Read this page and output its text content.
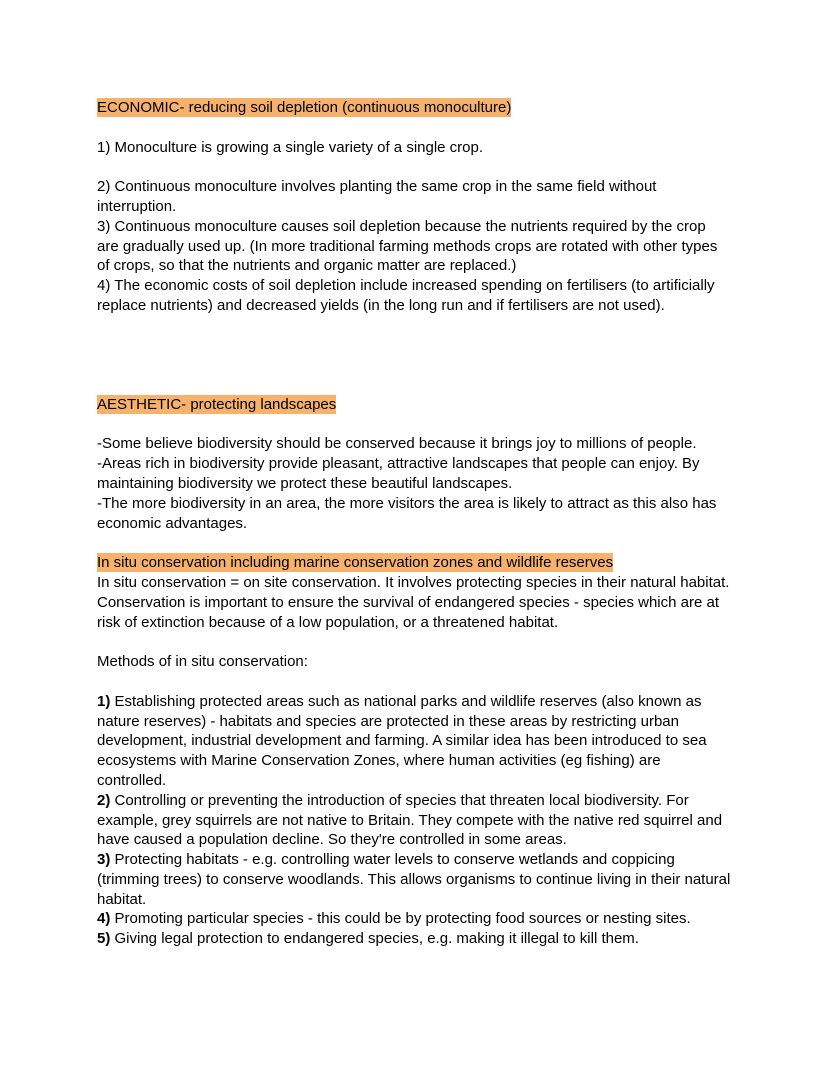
ECONOMIC- reducing soil depletion (continuous monoculture)

1) Monoculture is growing a single variety of a single crop.

2) Continuous monoculture involves planting the same crop in the same field without interruption.

3) Continuous monoculture causes soil depletion because the nutrients required by the crop are gradually used up. (In more traditional farming methods crops are rotated with other types of crops, so that the nutrients and organic matter are replaced.)

4) The economic costs of soil depletion include increased spending on fertilisers (to artificially replace nutrients) and decreased yields (in the long run and if fertilisers are not used).

AESTHETIC- protecting landscapes

-Some believe biodiversity should be conserved because it brings joy to millions of people.

-Areas rich in biodiversity provide pleasant, attractive landscapes that people can enjoy. By maintaining biodiversity we protect these beautiful landscapes.

-The more biodiversity in an area, the more visitors the area is likely to attract as this also has economic advantages.

In situ conservation including marine conservation zones and wildlife reserves

In situ conservation = on site conservation. It involves protecting species in their natural habitat. Conservation is important to ensure the survival of endangered species - species which are at risk of extinction because of a low population, or a threatened habitat.

Methods of in situ conservation:

1) Establishing protected areas such as national parks and wildlife reserves (also known as nature reserves) - habitats and species are protected in these areas by restricting urban development, industrial development and farming. A similar idea has been introduced to sea ecosystems with Marine Conservation Zones, where human activities (eg fishing) are controlled.

2) Controlling or preventing the introduction of species that threaten local biodiversity. For example, grey squirrels are not native to Britain. They compete with the native red squirrel and have caused a population decline. So they're controlled in some areas.

3) Protecting habitats - e.g. controlling water levels to conserve wetlands and coppicing (trimming trees) to conserve woodlands. This allows organisms to continue living in their natural habitat.

4) Promoting particular species - this could be by protecting food sources or nesting sites.

5) Giving legal protection to endangered species, e.g. making it illegal to kill them.
